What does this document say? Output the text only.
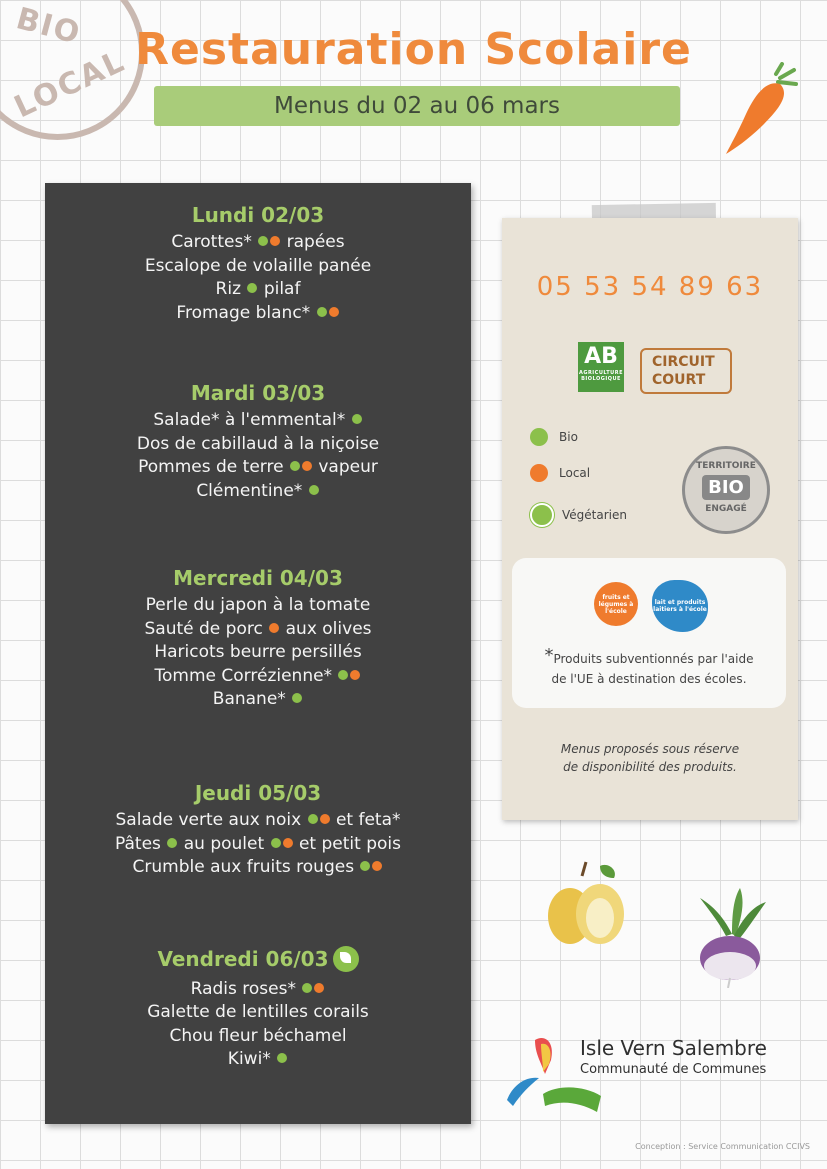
BIO
LOCAL Restauration Scolaire
Menus du 02 au 06 mars
Lundi 02/03
Carottes* rapées
Escalope de volaille panée
Riz pilaf
Fromage blanc*
Mardi 03/03
Salade* à l'emmental*
Dos de cabillaud à la niçoise
Pommes de terre vapeur
Clémentine*
Mercredi 04/03
Perle du japon à la tomate
Sauté de porc aux olives
Haricots beurre persillés
Tomme Corrézienne*
Banane*
Jeudi 05/03
Salade verte aux noix et feta*
Pâtes au poulet et petit pois
Crumble aux fruits rouges
Vendredi 06/03
Radis roses*
Galette de lentilles corails
Chou fleur béchamel
Kiwi*
05 53 54 89 63
AB
AGRICULTURE BIOLOGIQUE
CIRCUIT
COURT
Bio
Local
Végétarien
TERRITOIRE
BIO
ENGAGÉ
fruits et légumes à l'école
lait et produits laitiers à l'école
*Produits subventionnés par l'aide
de l'UE à destination des écoles.
Menus proposés sous réserve
de disponibilité des produits.
Isle Vern Salembre
Communauté de Communes
Conception : Service Communication CCIVS
